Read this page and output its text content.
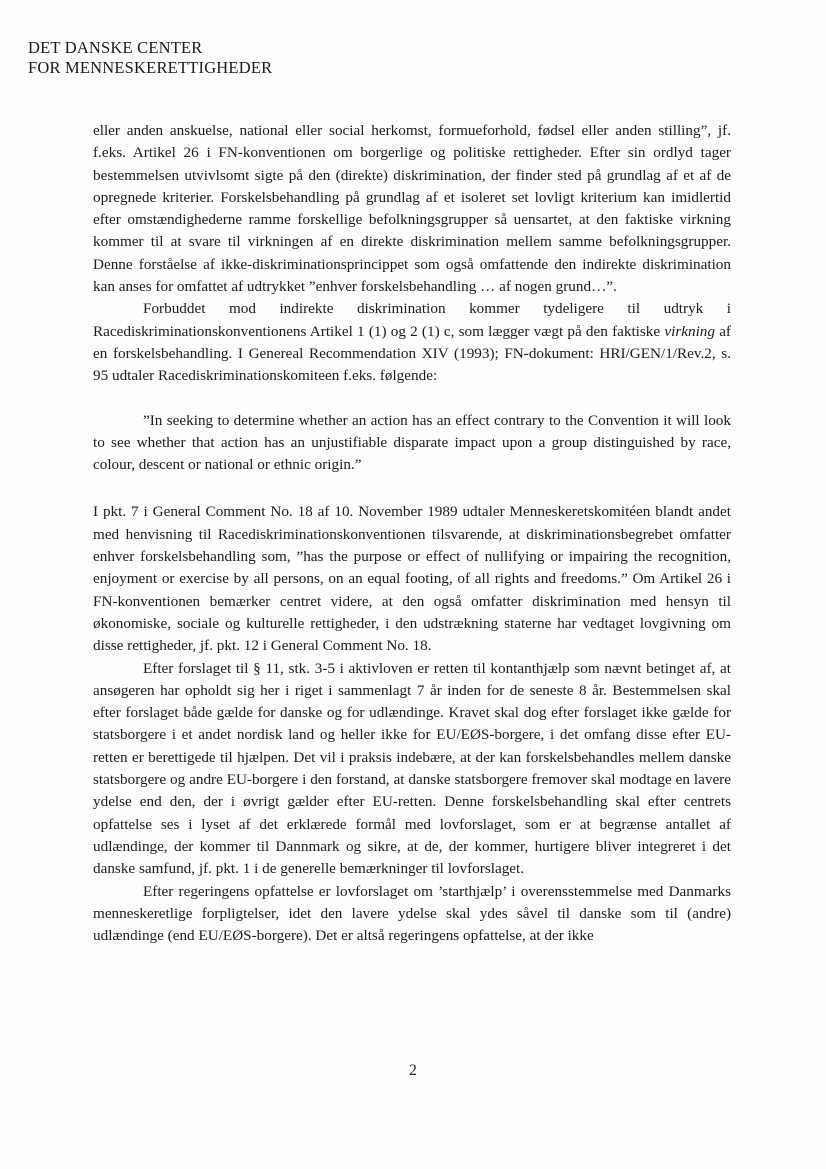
DET DANSKE CENTER
FOR MENNESKERETTIGHEDER

eller anden anskuelse, national eller social herkomst, formueforhold, fødsel eller anden stilling”, jf. f.eks. Artikel 26 i FN-konventionen om borgerlige og politiske rettigheder. Efter sin ordlyd tager bestemmelsen utvivlsomt sigte på den (direkte) diskrimination, der finder sted på grundlag af et af de opregnede kriterier. Forskelsbehandling på grundlag af et isoleret set lovligt kriterium kan imidlertid efter omstændighederne ramme forskellige befolkningsgrupper så uensartet, at den faktiske virkning kommer til at svare til virkningen af en direkte diskrimination mellem samme befolkningsgrupper. Denne forståelse af ikke-diskriminationsprincippet som også omfattende den indirekte diskrimination kan anses for omfattet af udtrykket ”enhver forskelsbehandling … af nogen grund…”.

Forbuddet mod indirekte diskrimination kommer tydeligere til udtryk i Racediskriminationskonventionens Artikel 1 (1) og 2 (1) c, som lægger vægt på den faktiske virkning af en forskelsbehandling. I Genereal Recommendation XIV (1993); FN-dokument: HRI/GEN/1/Rev.2, s. 95 udtaler Racediskriminationskomiteen f.eks. følgende:

”In seeking to determine whether an action has an effect contrary to the Convention it will look to see whether that action has an unjustifiable disparate impact upon a group distinguished by race, colour, descent or national or ethnic origin.”

I pkt. 7 i General Comment No. 18 af 10. November 1989 udtaler Menneskeretskomitéen blandt andet med henvisning til Racediskriminationskonventionen tilsvarende, at diskriminationsbegrebet omfatter enhver forskelsbehandling som, ”has the purpose or effect of nullifying or impairing the recognition, enjoyment or exercise by all persons, on an equal footing, of all rights and freedoms.” Om Artikel 26 i FN-konventionen bemærker centret videre, at den også omfatter diskrimination med hensyn til økonomiske, sociale og kulturelle rettigheder, i den udstrækning staterne har vedtaget lovgivning om disse rettigheder, jf. pkt. 12 i General Comment No. 18.

Efter forslaget til § 11, stk. 3-5 i aktivloven er retten til kontanthjælp som nævnt betinget af, at ansøgeren har opholdt sig her i riget i sammenlagt 7 år inden for de seneste 8 år. Bestemmelsen skal efter forslaget både gælde for danske og for udlændinge. Kravet skal dog efter forslaget ikke gælde for statsborgere i et andet nordisk land og heller ikke for EU/EØS-borgere, i det omfang disse efter EU-retten er berettigede til hjælpen. Det vil i praksis indebære, at der kan forskelsbehandles mellem danske statsborgere og andre EU-borgere i den forstand, at danske statsborgere fremover skal modtage en lavere ydelse end den, der i øvrigt gælder efter EU-retten. Denne forskelsbehandling skal efter centrets opfattelse ses i lyset af det erklærede formål med lovforslaget, som er at begrænse antallet af udlændinge, der kommer til Dannmark og sikre, at de, der kommer, hurtigere bliver integreret i det danske samfund, jf. pkt. 1 i de generelle bemærkninger til lovforslaget.

Efter regeringens opfattelse er lovforslaget om ’starthjælp’ i overensstemmelse med Danmarks menneskeretlige forpligtelser, idet den lavere ydelse skal ydes såvel til danske som til (andre) udlændinge (end EU/EØS-borgere). Det er altså regeringens opfattelse, at der ikke

2
